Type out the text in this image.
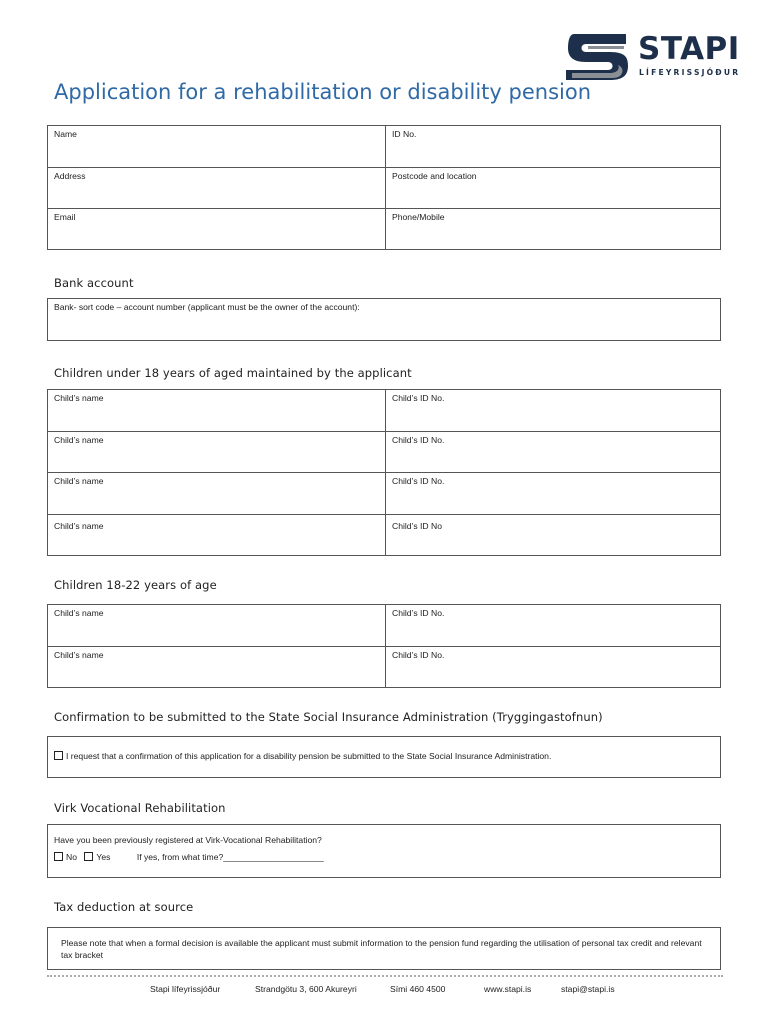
STAPI
LÍFEYRISSJÓÐUR
Application for a rehabilitation or disability pension
Name	ID No.
Address	Postcode and location
Email	Phone/Mobile
Bank account
Bank- sort code – account number (applicant must be the owner of the account):
Children under 18 years of aged maintained by the applicant
Child’s name	Child’s ID No.
Child’s name	Child’s ID No.
Child’s name	Child’s ID No.
Child’s name	Child’s ID No
Children 18-22 years of age
Child’s name	Child’s ID No.
Child’s name	Child’s ID No.
Confirmation to be submitted to the State Social Insurance Administration (Tryggingastofnun)
I request that a confirmation of this application for a disability pension be submitted to the State Social Insurance Administration.
Virk Vocational Rehabilitation
Have you been previously registered at Virk-Vocational Rehabilitation?
No Yes	If yes, from what time?_____________________
Tax deduction at source
Please note that when a formal decision is available the applicant must submit information to the pension fund regarding the utilisation of personal tax credit and relevant tax bracket
Stapi lífeyrissjóður	Strandgötu 3, 600 Akureyri	Sími 460 4500	www.stapi.is	stapi@stapi.is
